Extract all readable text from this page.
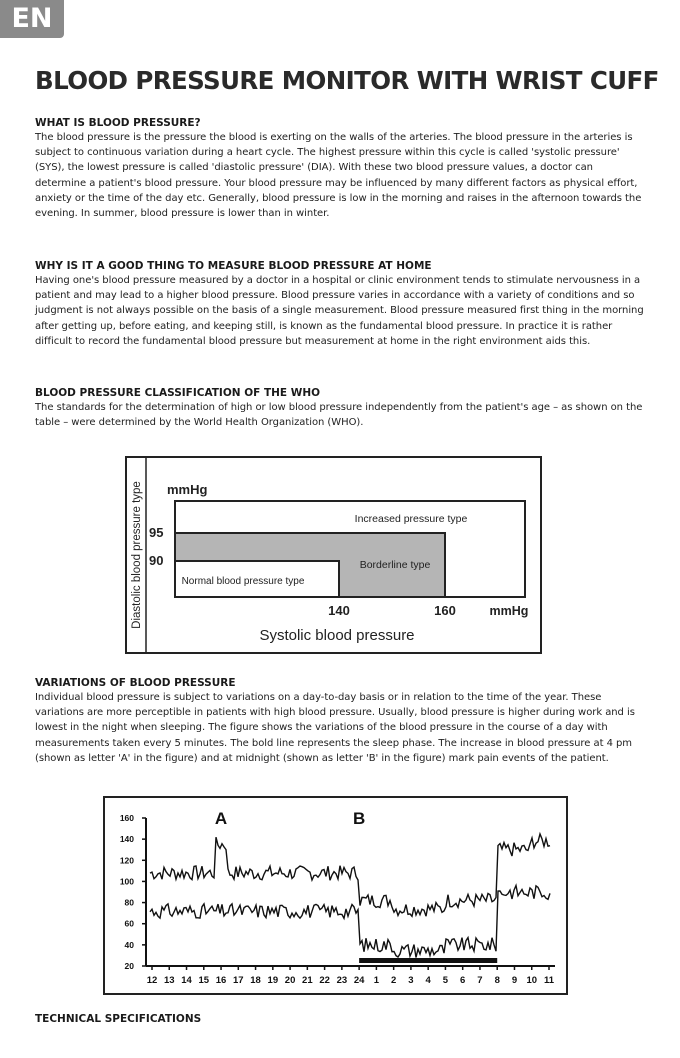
EN
BLOOD PRESSURE MONITOR WITH WRIST CUFF
WHAT IS BLOOD PRESSURE?

The blood pressure is the pressure the blood is exerting on the walls of the arteries. The blood pressure in the arteries is subject to continuous variation during a heart cycle. The highest pressure within this cycle is called 'systolic pressure' (SYS), the lowest pressure is called 'diastolic pressure' (DIA). With these two blood pressure values, a doctor can determine a patient's blood pressure. Your blood pressure may be influenced by many different factors as physical effort, anxiety or the time of the day etc. Generally, blood pressure is low in the morning and raises in the afternoon towards the evening. In summer, blood pressure is lower than in winter.

WHY IS IT A GOOD THING TO MEASURE BLOOD PRESSURE AT HOME

Having one's blood pressure measured by a doctor in a hospital or clinic environment tends to stimulate nervousness in a patient and may lead to a higher blood pressure. Blood pressure varies in accordance with a variety of conditions and so judgment is not always possible on the basis of a single measurement. Blood pressure measured first thing in the morning after getting up, before eating, and keeping still, is known as the fundamental blood pressure. In practice it is rather difficult to record the fundamental blood pressure but measurement at home in the right environment aids this.

BLOOD PRESSURE CLASSIFICATION OF THE WHO

The standards for the determination of high or low blood pressure independently from the patient's age – as shown on the table – were determined by the World Health Organization (WHO).

Diastolic blood pressure type mmHg
Increased pressure type
Borderline type
Normal blood pressure type
95
90
140	160	mmHg
Systolic blood pressure
VARIATIONS OF BLOOD PRESSURE

Individual blood pressure is subject to variations on a day-to-day basis or in relation to the time of the year. These variations are more perceptible in patients with high blood pressure. Usually, blood pressure is higher during work and is lowest in the night when sleeping. The figure shows the variations of the blood pressure in the course of a day with measurements taken every 5 minutes. The bold line represents the sleep phase. The increase in blood pressure at 4 pm (shown as letter 'A' in the figure) and at midnight (shown as letter 'B' in the figure) mark pain events of the patient.

160
140
120
100
80
60
40
20
12 13 14 15 16 17 18 19 20 21 22 23 24 1 2 3 4 5 6 7 8 9 10 11
A	B
TECHNICAL SPECIFICATIONS
